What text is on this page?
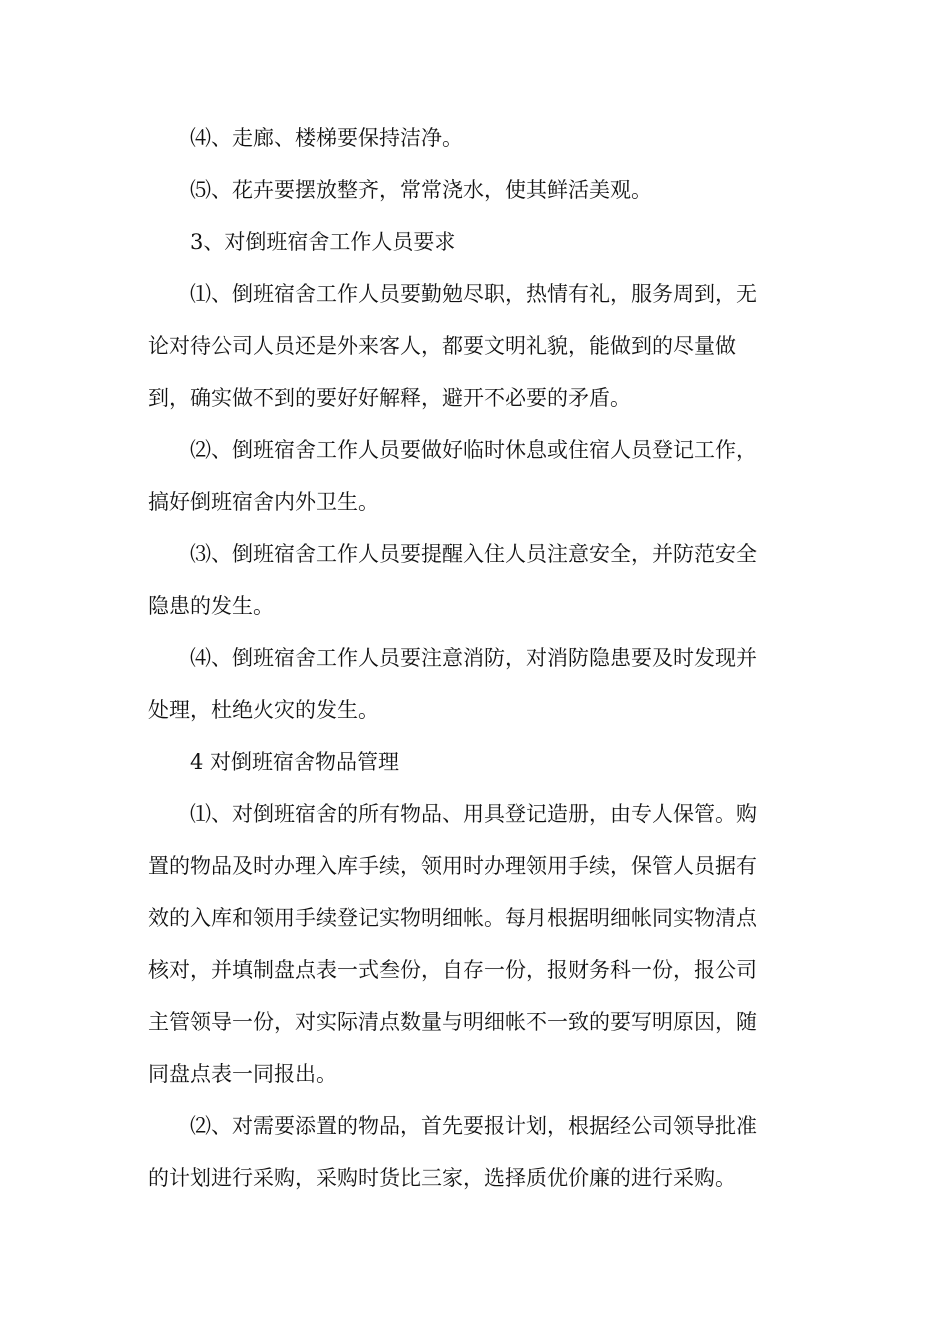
⑷、走廊、楼梯要保持洁净。

⑸、花卉要摆放整齐，常常浇水，使其鲜活美观。

3、对倒班宿舍工作人员要求

⑴、倒班宿舍工作人员要勤勉尽职，热情有礼，服务周到，无
论对待公司人员还是外来客人，都要文明礼貌，能做到的尽量做
到，确实做不到的要好好解释，避开不必要的矛盾。

⑵、倒班宿舍工作人员要做好临时休息或住宿人员登记工作，
搞好倒班宿舍内外卫生。

⑶、倒班宿舍工作人员要提醒入住人员注意安全，并防范安全
隐患的发生。

⑷、倒班宿舍工作人员要注意消防，对消防隐患要及时发现并
处理，杜绝火灾的发生。

4 对倒班宿舍物品管理

⑴、对倒班宿舍的所有物品、用具登记造册，由专人保管。购
置的物品及时办理入库手续，领用时办理领用手续，保管人员据有
效的入库和领用手续登记实物明细帐。每月根据明细帐同实物清点
核对，并填制盘点表一式叁份，自存一份，报财务科一份，报公司
主管领导一份，对实际清点数量与明细帐不一致的要写明原因，随
同盘点表一同报出。

⑵、对需要添置的物品，首先要报计划，根据经公司领导批准
的计划进行采购，采购时货比三家，选择质优价廉的进行采购。
